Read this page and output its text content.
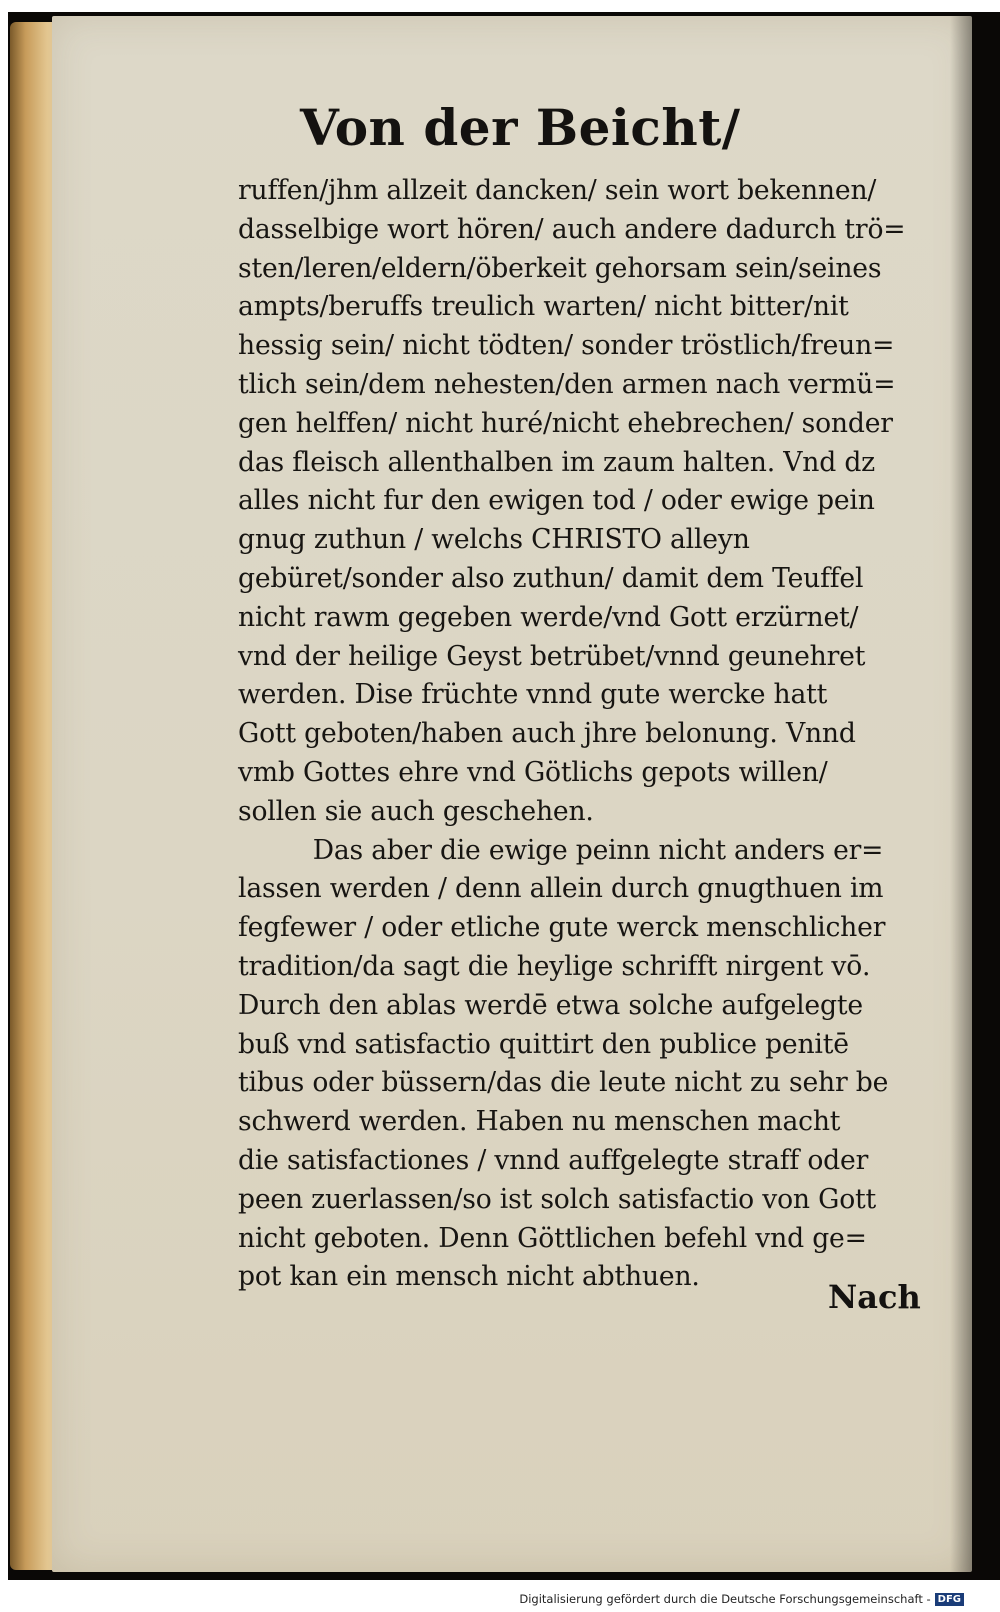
Von der Beicht/
ruffen/jhm allzeit dancken/ sein wort bekennen/
dasselbige wort hören/ auch andere dadurch trö=
sten/leren/eldern/öberkeit gehorsam sein/seines
ampts/beruffs treulich warten/ nicht bitter/nit
hessig sein/ nicht tödten/ sonder tröstlich/freun=
tlich sein/dem nehesten/den armen nach vermü=
gen helffen/ nicht huré/nicht ehebrechen/ sonder
das fleisch allenthalben im zaum halten. Vnd dz
alles nicht fur den ewigen tod / oder ewige pein
gnug zuthun / welchs CHRISTO alleyn
gebüret/sonder also zuthun/ damit dem Teuffel
nicht rawm gegeben werde/vnd Gott erzürnet/
vnd der heilige Geyst betrübet/vnnd geunehret
werden. Dise früchte vnnd gute wercke hatt
Gott geboten/haben auch jhre belonung. Vnnd
vmb Gottes ehre vnd Götlichs gepots willen/
sollen sie auch geschehen.
Das aber die ewige peinn nicht anders er=
lassen werden / denn allein durch gnugthuen im
fegfewer / oder etliche gute werck menschlicher
tradition/da sagt die heylige schrifft nirgent vō.
Durch den ablas werdē etwa solche aufgelegte
buß vnd satisfactio quittirt den publice penitē
tibus oder büssern/das die leute nicht zu sehr be
schwerd werden. Haben nu menschen macht
die satisfactiones / vnnd auffgelegte straff oder
peen zuerlassen/so ist solch satisfactio von Gott
nicht geboten. Denn Göttlichen befehl vnd ge=
pot kan ein mensch nicht abthuen.
Nach
Digitalisierung gefördert durch die Deutsche Forschungsgemeinschaft - DFG
